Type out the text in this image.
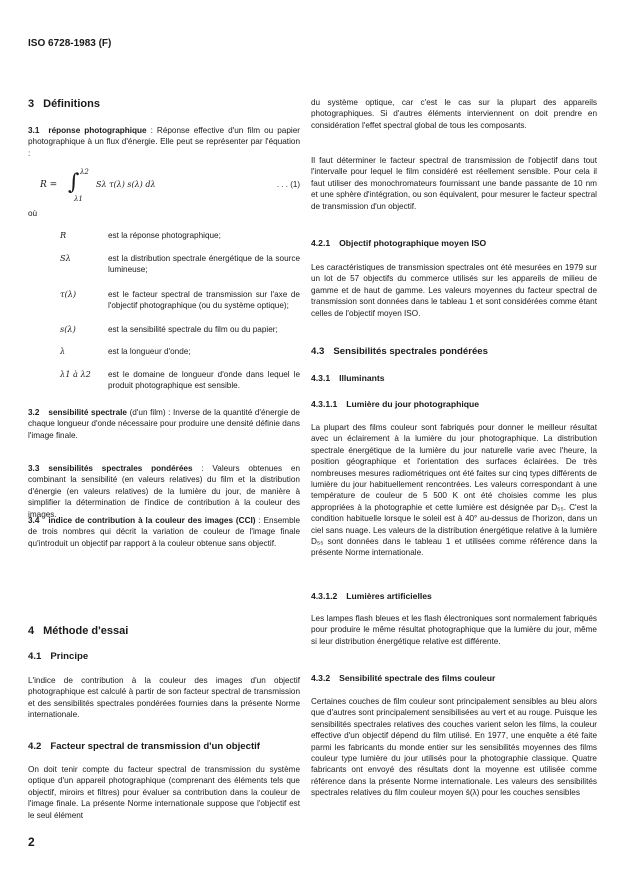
ISO 6728-1983 (F)
3 Définitions
3.1 réponse photographique : Réponse effective d'un film ou papier photographique à un flux d'énergie. Elle peut se représenter par l'équation :
R = ∫ λ2
λ1
Sλ τ(λ) s(λ) dλ	. . . (1)
où
R	est la réponse photographique;
Sλ	est la distribution spectrale énergétique de la source lumineuse;
τ(λ)	est le facteur spectral de transmission sur l'axe de l'objectif photographique (ou du système optique);
s(λ)	est la sensibilité spectrale du film ou du papier;
λ	est la longueur d'onde;
λ1 à λ2 est le domaine de longueur d'onde dans lequel le produit photographique est sensible.
3.2 sensibilité spectrale (d'un film) : Inverse de la quantité d'énergie de chaque longueur d'onde nécessaire pour produire une densité définie dans l'image finale.
3.3 sensibilités spectrales pondérées : Valeurs obtenues en combinant la sensibilité (en valeurs relatives) du film et la distribution d'énergie (en valeurs relatives) de la lumière du jour, de manière à simplifier la détermination de l'indice de contribution à la couleur des images.
3.4 indice de contribution à la couleur des images (CCI) : Ensemble de trois nombres qui décrit la variation de couleur de l'image finale qu'introduit un objectif par rapport à la couleur obtenue sans objectif.
4 Méthode d'essai
4.1 Principe
L'indice de contribution à la couleur des images d'un objectif photographique est calculé à partir de son facteur spectral de transmission et des sensibilités spectrales pondérées fournies dans la présente Norme internationale.
4.2 Facteur spectral de transmission d'un objectif
On doit tenir compte du facteur spectral de transmission du système optique d'un appareil photographique (comprenant des éléments tels que objectif, miroirs et filtres) pour évaluer sa contribution dans la couleur de l'image finale. La présente Norme internationale suppose que l'objectif est le seul élément
2
du système optique, car c'est le cas sur la plupart des appareils photographiques. Si d'autres éléments interviennent on doit prendre en considération l'effet spectral global de tous les composants.
Il faut déterminer le facteur spectral de transmission de l'objectif dans tout l'intervalle pour lequel le film considéré est réellement sensible. Pour cela il faut utiliser des monochromateurs fournissant une bande passante de 10 nm et une sphère d'intégration, ou son équivalent, pour mesurer le facteur spectral de transmission d'un objectif.
4.2.1 Objectif photographique moyen ISO
Les caractéristiques de transmission spectrales ont été mesurées en 1979 sur un lot de 57 objectifs du commerce utilisés sur les appareils de milieu de gamme et de haut de gamme. Les valeurs moyennes du facteur spectral de transmission sont données dans le tableau 1 et sont considérées comme étant celles de l'objectif moyen ISO.
4.3 Sensibilités spectrales pondérées
4.3.1 Illuminants
4.3.1.1 Lumière du jour photographique
La plupart des films couleur sont fabriqués pour donner le meilleur résultat avec un éclairement à la lumière du jour photographique. La distribution spectrale énergétique de la lumière du jour naturelle varie avec l'heure, la position géographique et l'orientation des surfaces éclairées. De très nombreuses mesures radiométriques ont été faites sur cinq types différents de lumière du jour habituellement rencontrées. Les valeurs correspondant à une température de couleur de 5 500 K ont été choisies comme les plus appropriées à la photographie et cette lumière est désignée par D₅₅. C'est la condition habituelle lorsque le soleil est à 40° au-dessus de l'horizon, dans un ciel sans nuage. Les valeurs de la distribution énergétique relative à la lumière D₅₅ sont données dans le tableau 1 et utilisées comme référence dans la présente Norme internationale.
4.3.1.2 Lumières artificielles
Les lampes flash bleues et les flash électroniques sont normalement fabriqués pour produire le même résultat photographique que la lumière du jour, même si leur distribution énergétique relative est différente.
4.3.2 Sensibilité spectrale des films couleur
Certaines couches de film couleur sont principalement sensibles au bleu alors que d'autres sont principalement sensibilisées au vert et au rouge. Puisque les sensibilités spectrales relatives des couches varient selon les films, la couleur effective d'un objectif dépend du film utilisé. En 1977, une enquête a été faite parmi les fabricants du monde entier sur les sensibilités moyennes des films couleur type lumière du jour utilisés pour la photographie classique. Quatre fabricants ont envoyé des résultats dont la moyenne est utilisée comme référence dans la présente Norme internationale. Les valeurs des sensibilités spectrales relatives du film couleur moyen s̄(λ) pour les couches sensibles
